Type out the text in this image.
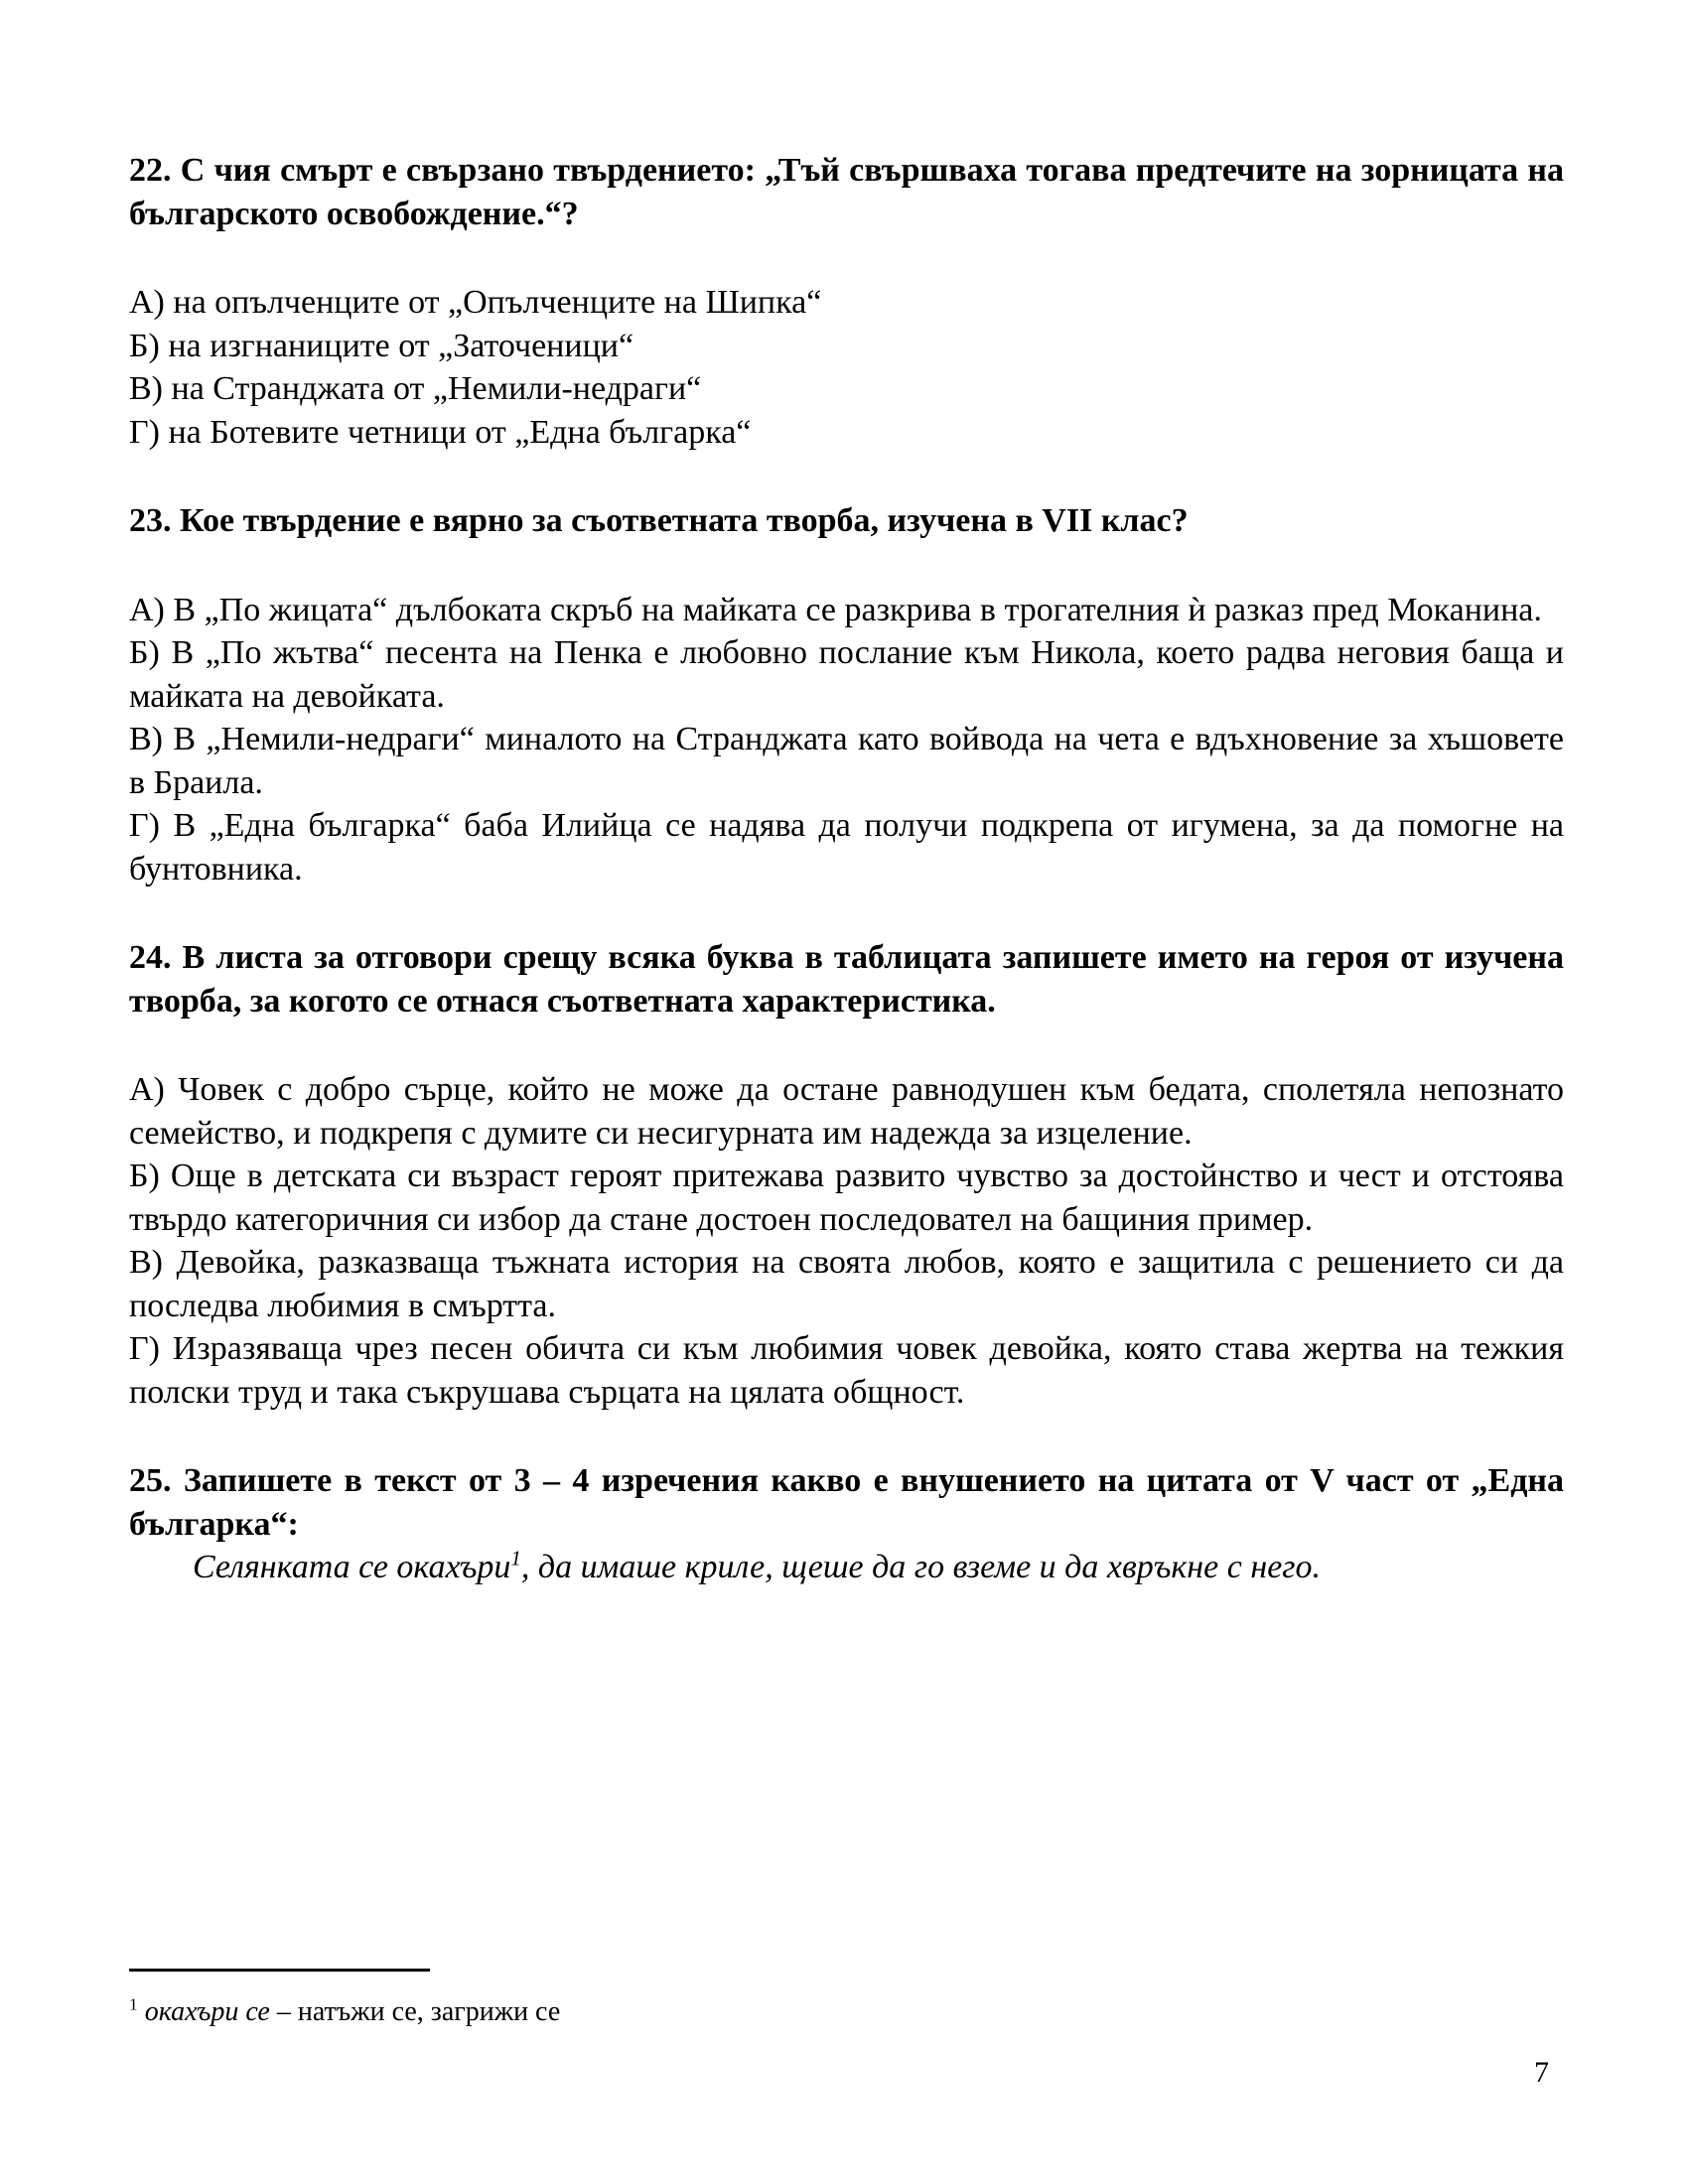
22. С чия смърт е свързано твърдението: „Тъй свършваха тогава предтечите на зорницата на българското освобождение.“?

А) на опълченците от „Опълченците на Шипка“

Б) на изгнаниците от „Заточеници“

В) на Странджата от „Немили-недраги“

Г) на Ботевите четници от „Една българка“

23. Кое твърдение е вярно за съответната творба, изучена в VII клас?

А) В „По жицата“ дълбоката скръб на майката се разкрива в трогателния ѝ разказ пред Моканина.

Б) В „По жътва“ песента на Пенка е любовно послание към Никола, което радва неговия баща и майката на девойката.

В) В „Немили-недраги“ миналото на Странджата като войвода на чета е вдъхновение за хъшовете в Браила.

Г) В „Една българка“ баба Илийца се надява да получи подкрепа от игумена, за да помогне на бунтовника.

24. В листа за отговори срещу всяка буква в таблицата запишете името на героя от изучена творба, за когото се отнася съответната характеристика.

А) Човек с добро сърце, който не може да остане равнодушен към бедата, сполетяла непознато семейство, и подкрепя с думите си несигурната им надежда за изцеление.

Б) Още в детската си възраст героят притежава развито чувство за достойнство и чест и отстоява твърдо категоричния си избор да стане достоен последовател на бащиния пример.

В) Девойка, разказваща тъжната история на своята любов, която е защитила с решението си да последва любимия в смъртта.

Г) Изразяваща чрез песен обичта си към любимия човек девойка, която става жертва на тежкия полски труд и така съкрушава сърцата на цялата общност.

25. Запишете в текст от 3 – 4 изречения какво е внушението на цитата от V част от „Една българка“:

Селянката се окахъри$^1$, да имаше криле, щеше да го вземе и да хвръкне с него.

$^1$ окахъри се – натъжи се, загрижи се

7
